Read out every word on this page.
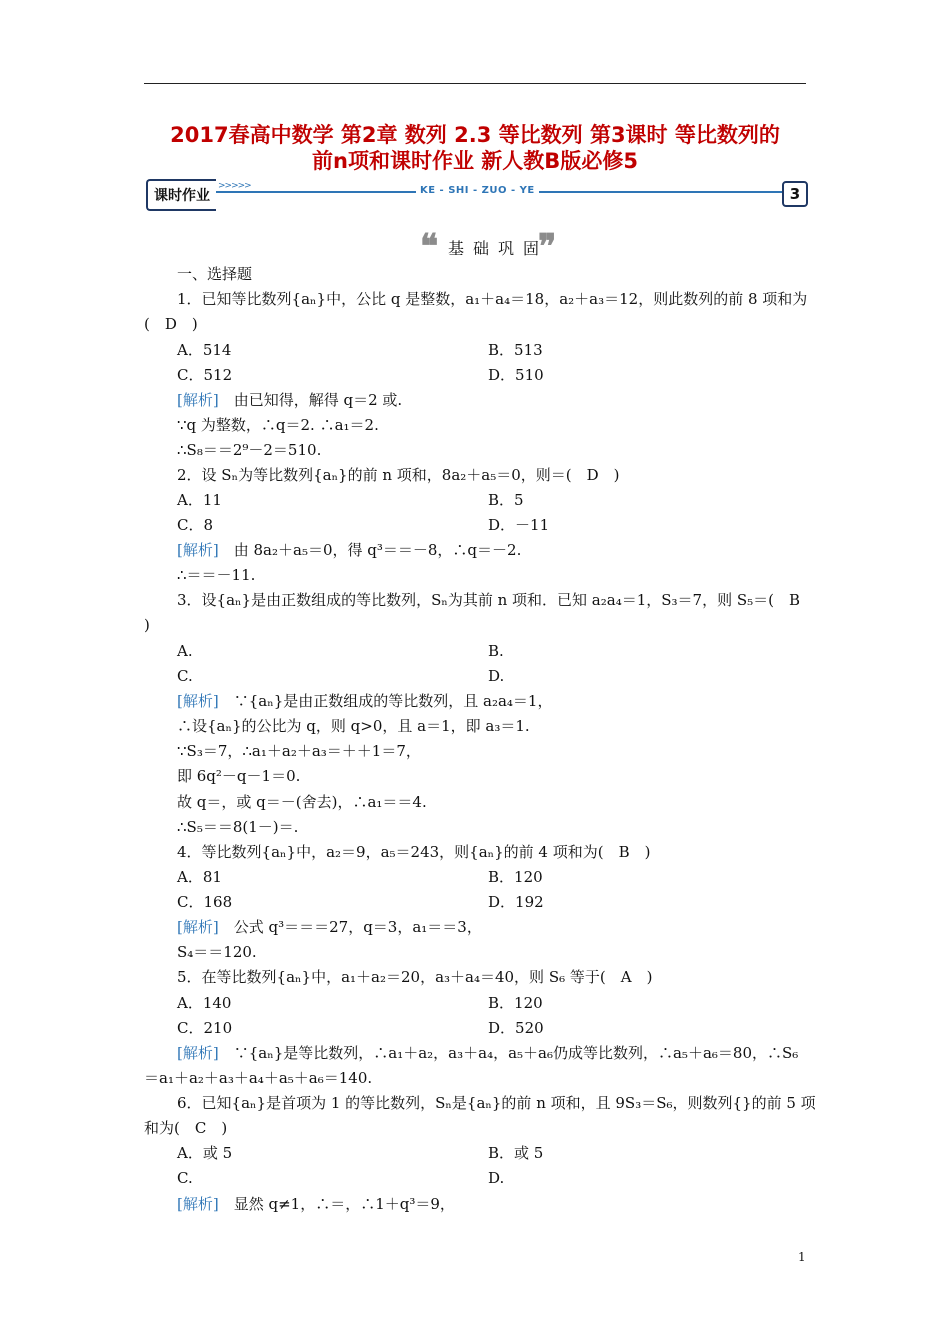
2017春高中数学 第2章 数列 2.3 等比数列 第3课时 等比数列的
前n项和课时作业 新人教B版必修5
课时作业
>>>>>	KE - SHI - ZUO - YE	3
❝ 基础巩固
❞
一、选择题
1．已知等比数列{aₙ}中，公比 q 是整数，a₁＋a₄＝18，a₂＋a₃＝12，则此数列的前 8 项和为
(　D　)
A．514	B．513
C．512	D．510
[解析]　 由已知得，解得 q＝2 或.
∵q 为整数，∴q＝2. ∴a₁＝2.
∴S₈＝＝2⁹－2＝510.
2．设 Sₙ为等比数列{aₙ}的前 n 项和，8a₂＋a₅＝0，则＝(　D　)
A．11	B．5
C．8	D．－11
[解析]　 由 8a₂＋a₅＝0，得 q³＝＝－8，∴q＝－2.
∴＝＝－11.
3．设{aₙ}是由正数组成的等比数列，Sₙ为其前 n 项和．已知 a₂a₄＝1，S₃＝7，则 S₅＝(　B
)
A.	B.
C.	D.
[解析]　 ∵{aₙ}是由正数组成的等比数列，且 a₂a₄＝1，
∴设{aₙ}的公比为 q，则 q>0，且 a＝1，即 a₃＝1.
∵S₃＝7，∴a₁＋a₂＋a₃＝＋＋1＝7，
即 6q²－q－1＝0.
故 q＝，或 q＝－(舍去)，∴a₁＝＝4.
∴S₅＝＝8(1－)＝.
4．等比数列{aₙ}中，a₂＝9，a₅＝243，则{aₙ}的前 4 项和为(　B　)
A．81	B．120
C．168	D．192
[解析]　 公式 q³＝＝＝27，q＝3，a₁＝＝3，
S₄＝＝120.
5．在等比数列{aₙ}中，a₁＋a₂＝20，a₃＋a₄＝40，则 S₆ 等于(　A　)
A．140	B．120
C．210	D．520
[解析]　 ∵{aₙ}是等比数列，∴a₁＋a₂，a₃＋a₄，a₅＋a₆仍成等比数列，∴a₅＋a₆＝80，∴S₆
＝a₁＋a₂＋a₃＋a₄＋a₅＋a₆＝140.
6．已知{aₙ}是首项为 1 的等比数列，Sₙ是{aₙ}的前 n 项和，且 9S₃＝S₆，则数列{}的前 5 项
和为(　C　)
A．或 5	B．或 5
C.	D.
[解析]　 显然 q≠1，∴＝，∴1＋q³＝9，
1
